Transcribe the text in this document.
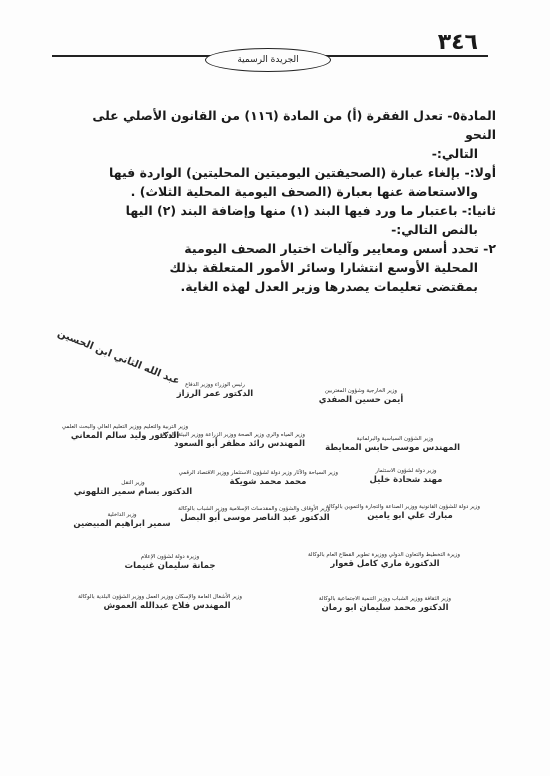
الجريدة الرسمية
٣٤٦

المادة٥- تعدل الفقرة (أ) من المادة (١١٦) من القانون الأصلي على النحو

التالي:-

أولا:- بإلغاء عبارة (الصحيفتين اليوميتين المحليتين) الواردة فيها

والاستعاضة عنها بعبارة (الصحف اليومية المحلية الثلاث) .

ثانيا:- باعتبار ما ورد فيها البند (١) منها وإضافة البند (٢) اليها

بالنص التالي:-

٢- تحدد أسس ومعايير وآليات اختيار الصحف اليومية

المحلية الأوسع انتشارا وسائر الأمور المتعلقة بذلك

بمقتضى تعليمات يصدرها وزير العدل لهذه الغاية.

عبد الله الثاني ابن الحسين رئيس الوزراء ووزير الدفاع
الدكتور عمر الرزاز	وزير الخارجية وشؤون المغتربين
أيمن حسين الصفدي
وزير التربية والتعليم ووزير التعليم العالي والبحث العلمي
الدكتور وليد سالم المعاني
وزير المياه والري وزير الصحة ووزير الزراعة ووزير البيئة بالوكالة
المهندس رائد مظفر أبو السعود	وزير الشؤون السياسية والبرلمانية
المهندس موسى حابس المعايطة
وزير النقل
الدكتور بسام سمير التلهوني
وزير السياحة والآثار وزير دولة لشؤون الاستثمار ووزير الاقتصاد الرقمي
محمد محمد شويكة
وزير دولة لشؤون الاستثمار
مهند شحادة خليل
وزير الداخلية
سمير ابراهيم المبيضين
وزير الأوقاف والشؤون والمقدسات الإسلامية ووزير الشباب بالوكالة
الدكتور عبد الناصر موسى أبو البصل
وزير دولة للشؤون القانونية ووزير الصناعة والتجارة والتموين بالوكالة
مبارك علي ابو يامين
وزيرة دولة لشؤون الإعلام
جمانة سليمان غنيمات
وزيرة التخطيط والتعاون الدولي ووزيرة تطوير القطاع العام بالوكالة
الدكتورة ماري كامل قعوار
وزير الأشغال العامة والإسكان ووزير العمل ووزير الشؤون البلدية بالوكالة
المهندس فلاح عبدالله العموش
وزير الثقافة ووزير الشباب ووزير التنمية الاجتماعية بالوكالة
الدكتور محمد سليمان ابو رمان
